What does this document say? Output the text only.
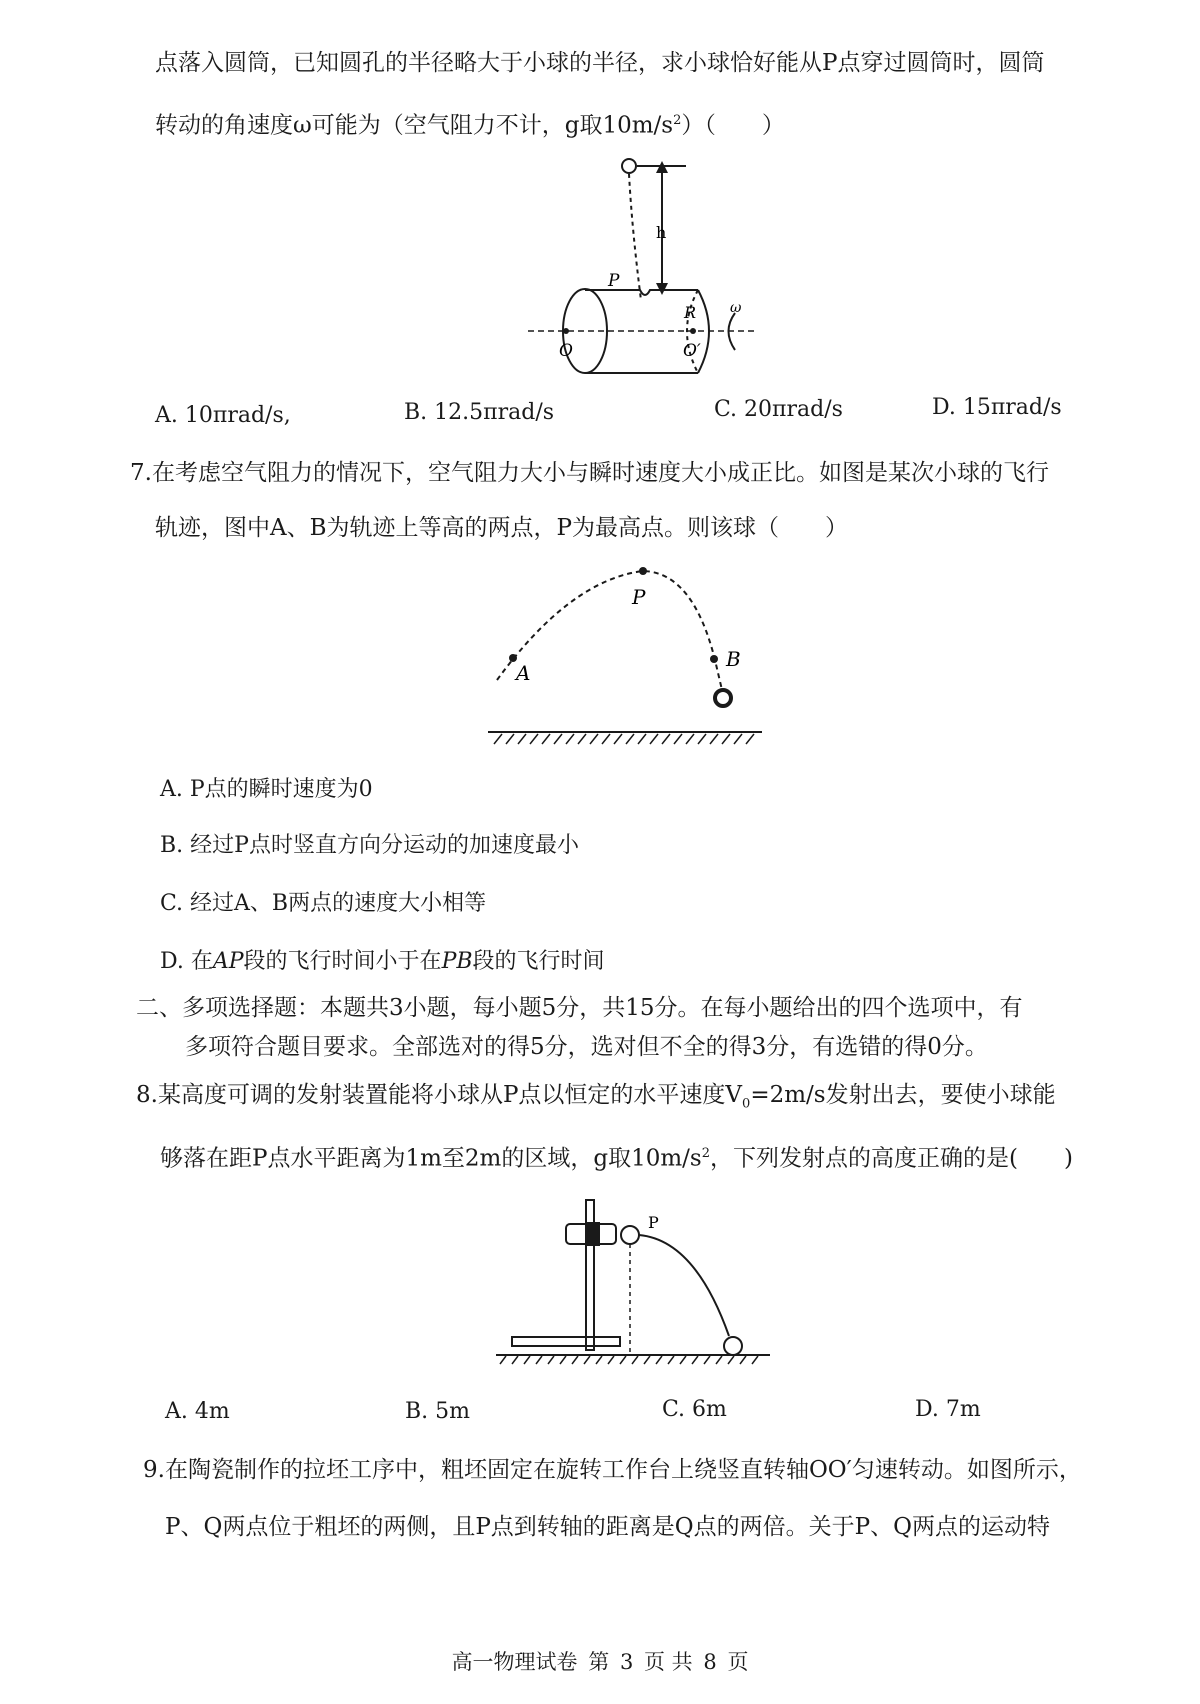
点落入圆筒，已知圆孔的半径略大于小球的半径，求小球恰好能从P点穿过圆筒时，圆筒
转动的角速度ω可能为（空气阻力不计，g取$10m/s^2$）（　　）
h
P
R ω
O	O′
A. 10πrad/s,	B. 12.5πrad/s	C. 20πrad/s	D. 15πrad/s
7.在考虑空气阻力的情况下，空气阻力大小与瞬时速度大小成正比。如图是某次小球的飞行
轨迹，图中A、B为轨迹上等高的两点，P为最高点。则该球（　　）
A
P
B
A. P点的瞬时速度为0
B. 经过P点时竖直方向分运动的加速度最小
C. 经过A、B两点的速度大小相等
D. 在AP段的飞行时间小于在PB段的飞行时间
二、多项选择题：本题共3小题，每小题5分，共15分。在每小题给出的四个选项中，有
多项符合题目要求。全部选对的得5分，选对但不全的得3分，有选错的得0分。
8.某高度可调的发射装置能将小球从P点以恒定的水平速度$V_0=2m/s$发射出去，要使小球能
够落在距P点水平距离为1m至2m的区域，g取$10m/s^2$，下列发射点的高度正确的是(　　)
P
A. 4m	B. 5m	C. 6m	D. 7m
9.在陶瓷制作的拉坯工序中，粗坯固定在旋转工作台上绕竖直转轴OO′匀速转动。如图所示，
P、Q两点位于粗坯的两侧，且P点到转轴的距离是Q点的两倍。关于P、Q两点的运动特
高一物理试卷 第 3 页 共 8 页
